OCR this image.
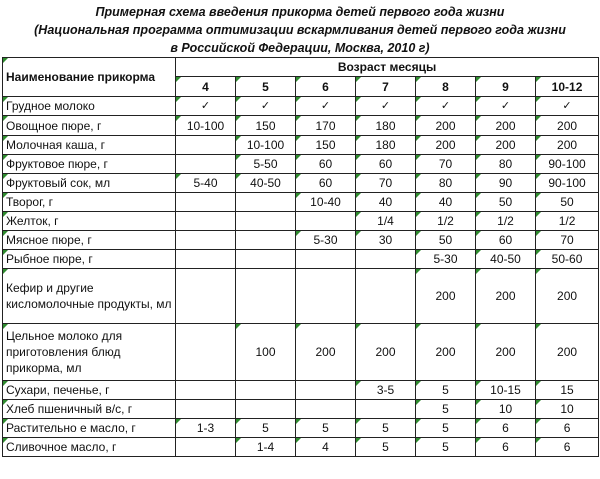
Примерная схема введения прикорма детей первого года жизни
(Национальная программа оптимизации вскармливания детей первого года жизни
в Российской Федерации, Москва, 2010 г)
Наименование прикорма	Возраст месяцы						
	4	5	6	7	8	9	10-12
Грудное молоко	✓	✓	✓	✓	✓	✓	✓
Овощное пюре, г	10-100	150	170	180	200	200	200
Молочная каша, г		10-100	150	180	200	200	200
Фруктовое пюре, г		5-50	60	60	70	80	90-100
Фруктовый сок, мл	5-40	40-50	60	70	80	90	90-100
Творог, г			10-40	40	40	50	50
Желток, г				1/4	1/2	1/2	1/2
Мясное пюре, г			5-30	30	50	60	70
Рыбное пюре, г					5-30	40-50	50-60
Кефир и другие кисломолочные продукты, мл					200	200	200
Цельное молоко для приготовления блюд прикорма, мл		100	200	200	200	200	200
Сухари, печенье, г				3-5	5	10-15	15
Хлеб пшеничный в/с, г					5	10	10
Растительно е масло, г	1-3	5	5	5	5	6	6
Сливочное масло, г		1-4	4	5	5	6	6
